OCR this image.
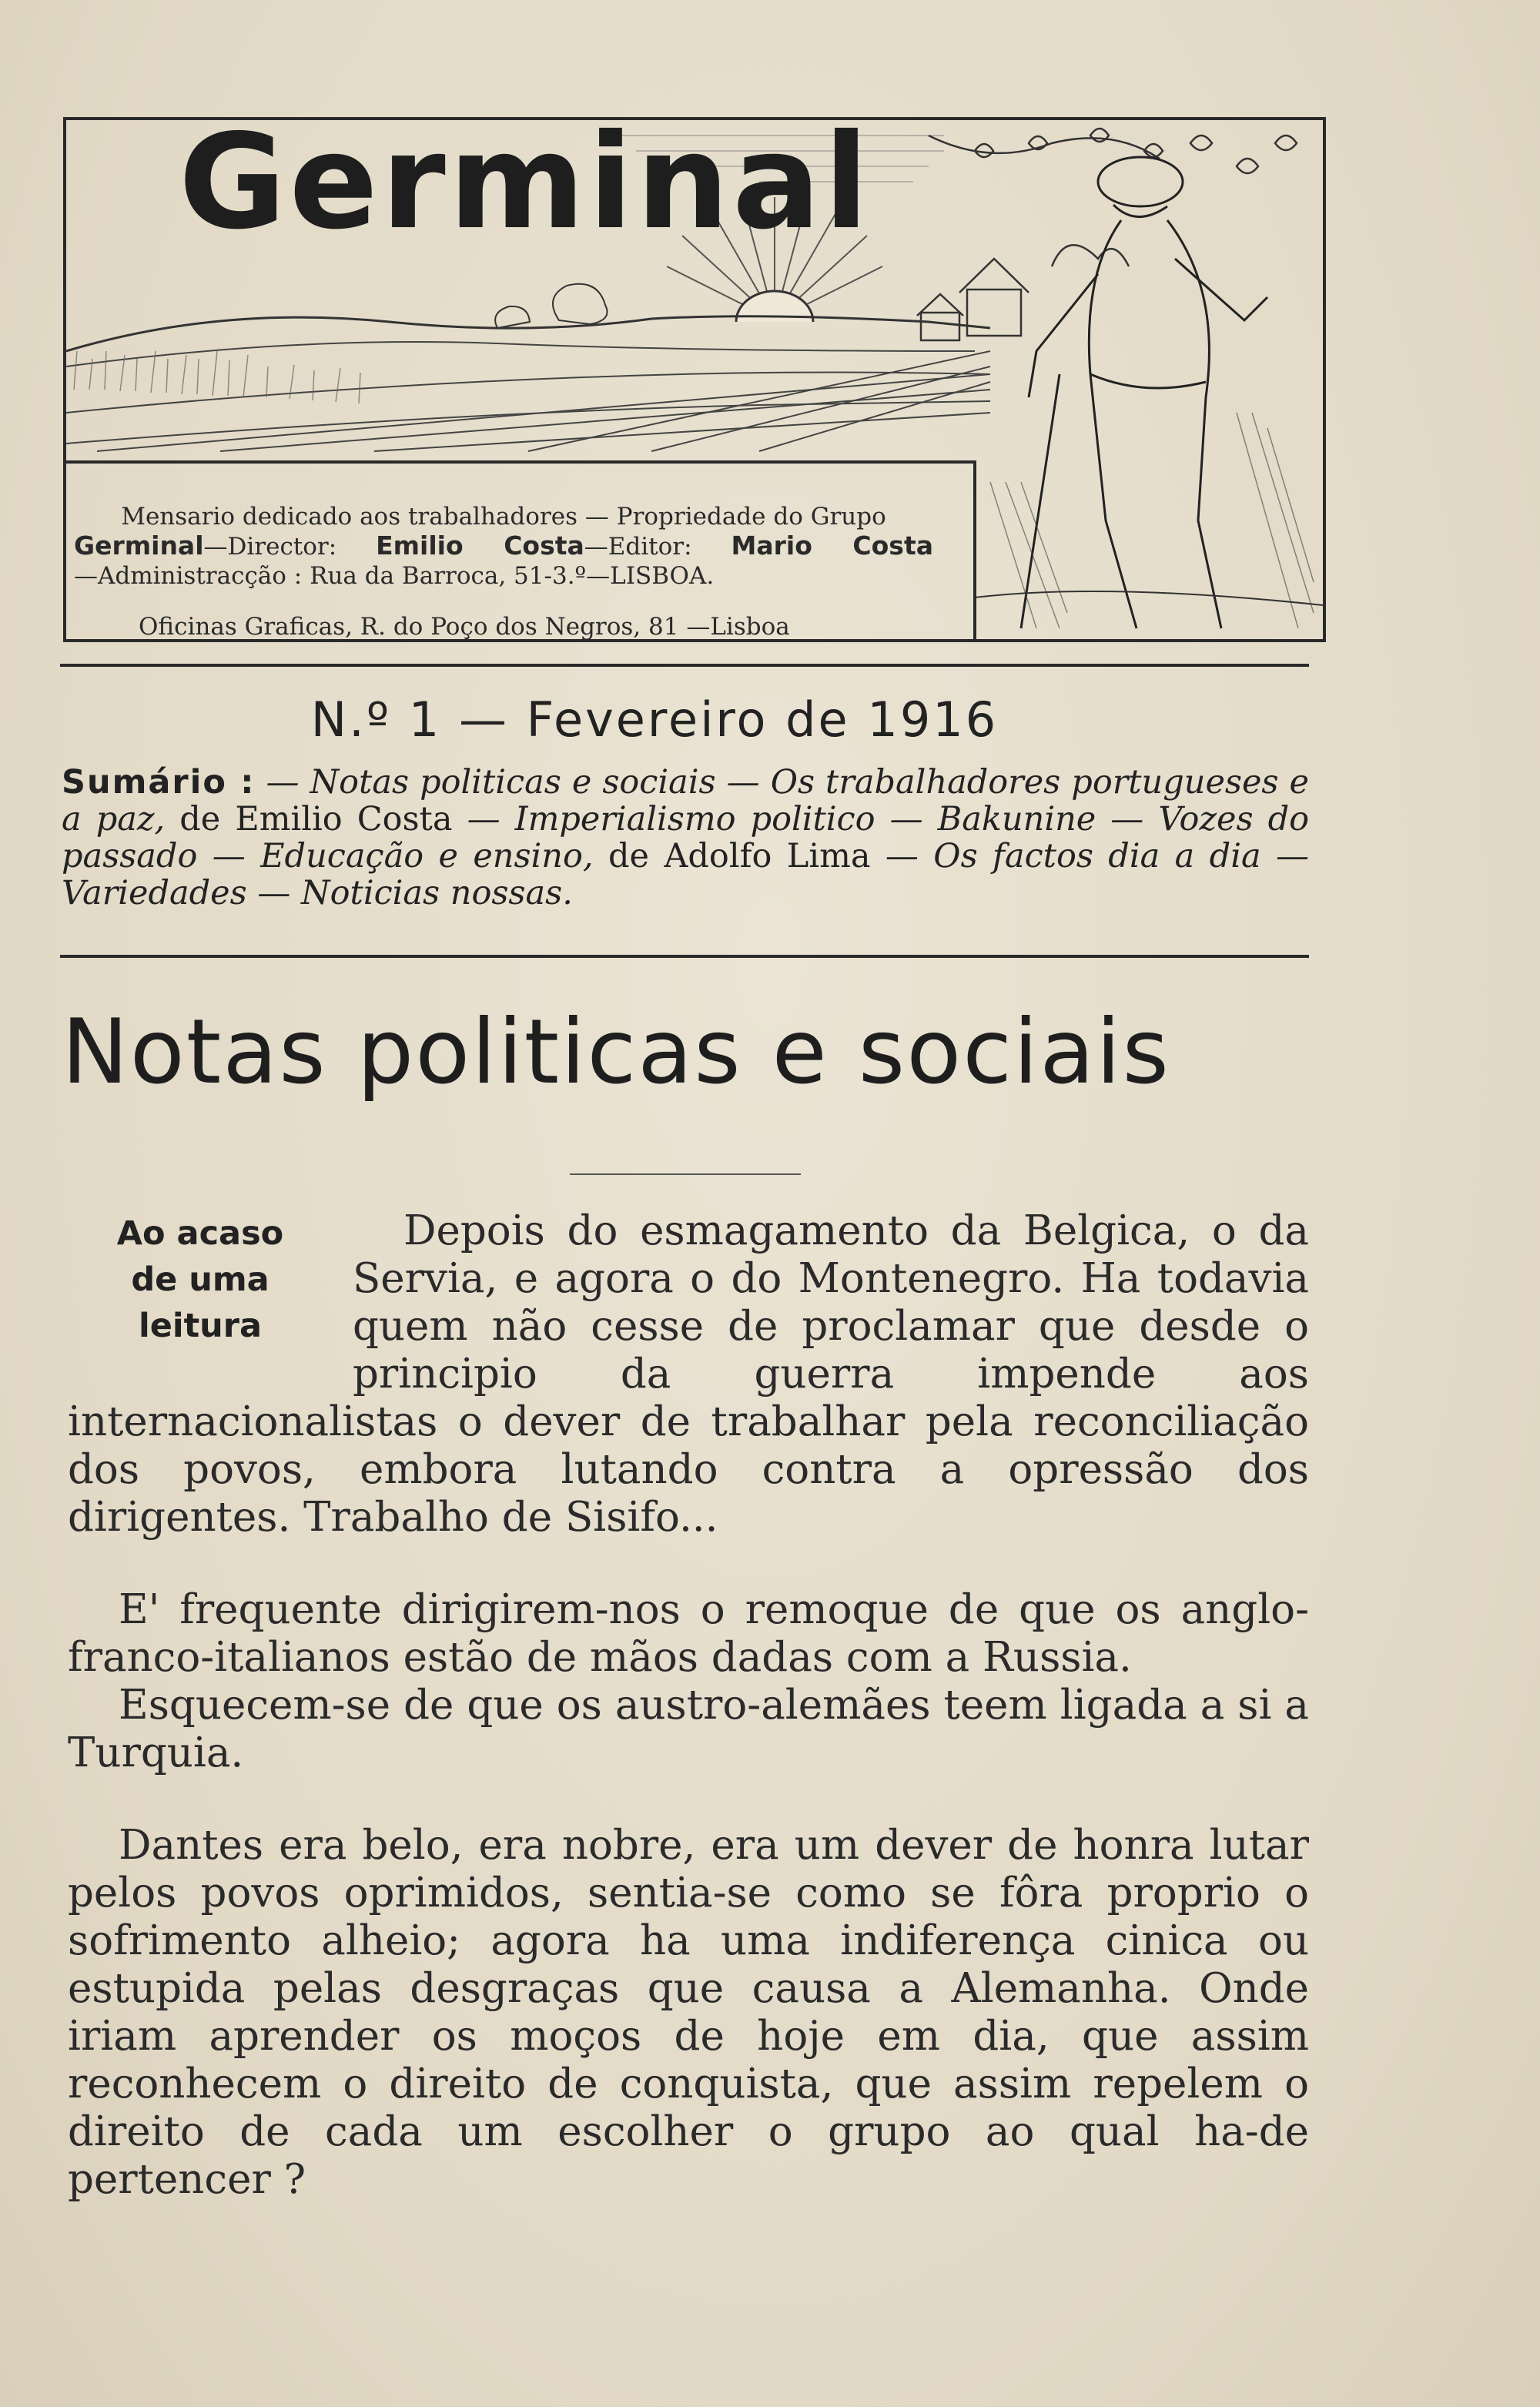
Germinal
Mensario dedicado aos trabalhadores — Propriedade do Grupo
Germinal—Director: Emilio Costa—Editor: Mario Costa
—Administracção : Rua da Barroca, 51-3.º—LISBOA.
Oficinas Graficas, R. do Poço dos Negros, 81 —Lisboa
N.º 1 — Fevereiro de 1916
Sumário : — Notas politicas e sociais — Os trabalhadores portugueses e a paz, de Emilio Costa — Imperialismo politico — Bakunine — Vozes do passado — Educação e ensino, de Adolfo Lima — Os factos dia a dia — Variedades — Noticias nossas.
Notas politicas e sociais
Ao acaso
de uma
leitura

Depois do esmagamento da Belgica, o da Servia, e agora o do Montenegro. Ha todavia quem não cesse de proclamar que desde o principio da guerra impende aos internacionalistas o dever de trabalhar pela reconciliação dos povos, embora lutando contra a opressão dos dirigentes. Trabalho de Sisifo...

E' frequente dirigirem-nos o remoque de que os anglo-franco-italianos estão de mãos dadas com a Russia.

Esquecem-se de que os austro-alemães teem ligada a si a Turquia.

Dantes era belo, era nobre, era um dever de honra lutar pelos povos oprimidos, sentia-se como se fôra proprio o sofrimento alheio; agora ha uma indiferença cinica ou estupida pelas desgraças que causa a Alemanha. Onde iriam aprender os moços de hoje em dia, que assim reconhecem o direito de conquista, que assim repelem o direito de cada um escolher o grupo ao qual ha-de pertencer ?
